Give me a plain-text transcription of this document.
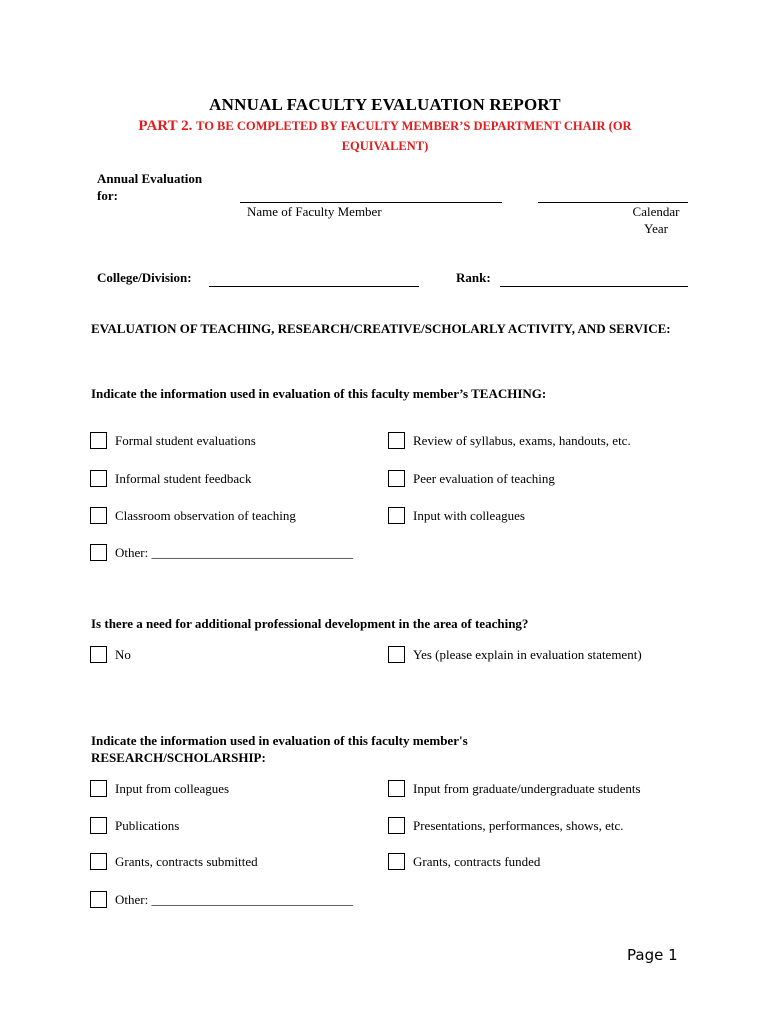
ANNUAL FACULTY EVALUATION REPORT
PART 2. TO BE COMPLETED BY FACULTY MEMBER’S DEPARTMENT CHAIR (OR
EQUIVALENT)
Annual Evaluation for:
Name of Faculty Member	Calendar Year
College/Division:	Rank:
EVALUATION OF TEACHING, RESEARCH/CREATIVE/SCHOLARLY ACTIVITY, AND SERVICE:
Indicate the information used in evaluation of this faculty member’s TEACHING:
Formal student evaluations
Informal student feedback
Classroom observation of teaching
Review of syllabus, exams, handouts, etc.
Peer evaluation of teaching
Input with colleagues
Other: _______________________________
Is there a need for additional professional development in the area of teaching?
No	Yes (please explain in evaluation statement)
Indicate the information used in evaluation of this faculty member's
RESEARCH/SCHOLARSHIP:
Input from colleagues
Publications
Grants, contracts submitted
Input from graduate/undergraduate students
Presentations, performances, shows, etc.
Grants, contracts funded
Other: _______________________________
Page 1
